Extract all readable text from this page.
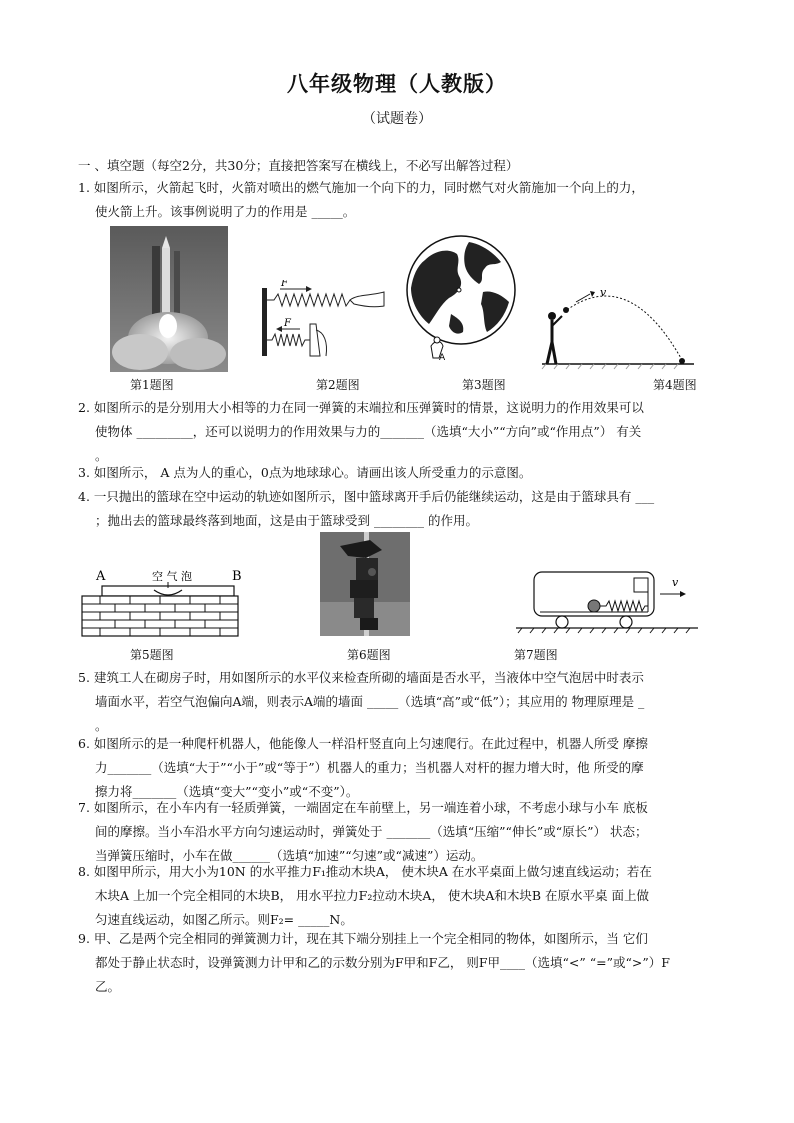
八年级物理（人教版）
（试题卷）
一 、填空题（每空2分，共30分；直接把答案写在横线上，不必写出解答过程）

1. 如图所示，火箭起飞时，火箭对喷出的燃气施加一个向下的力，同时燃气对火箭施加一个向上的力，

使火箭上升。该事例说明了力的作用是 _____。

F
F
A
v
第1题图	第2题图	第3题图	第4题图

2. 如图所示的是分别用大小相等的力在同一弹簧的末端拉和压弹簧时的情景，这说明力的作用效果可以

使物体 _________，还可以说明力的作用效果与力的_______（选填“大小”“方向”或“作用点”） 有关

。

3. 如图所示， A 点为人的重心，0点为地球球心。请画出该人所受重力的示意图。

4. 一只抛出的篮球在空中运动的轨迹如图所示，图中篮球离开手后仍能继续运动，这是由于篮球具有 ___

；抛出去的篮球最终落到地面，这是由于篮球受到 ________ 的作用。

A	B
空 气 泡	v
第5题图	第6题图	第7题图

5. 建筑工人在砌房子时，用如图所示的水平仪来检查所砌的墙面是否水平，当液体中空气泡居中时表示

墙面水平，若空气泡偏向A端，则表示A端的墙面 _____（选填“高”或“低”）；其应用的 物理原理是 _

。

6. 如图所示的是一种爬杆机器人，他能像人一样沿杆竖直向上匀速爬行。在此过程中，机器人所受 摩擦

力_______（选填“大于”“小于”或“等于”）机器人的重力；当机器人对杆的握力增大时，他 所受的摩

擦力将_______（选填“变大”“变小”或“不变”）。

7. 如图所示，在小车内有一轻质弹簧，一端固定在车前壁上，另一端连着小球，不考虑小球与小车 底板

间的摩擦。当小车沿水平方向匀速运动时，弹簧处于 _______（选填“压缩”“伸长”或“原长”） 状态；

当弹簧压缩时，小车在做______（选填“加速”“匀速”或“减速”）运动。

8. 如图甲所示，用大小为10N 的水平推力F₁推动木块A， 使木块A 在水平桌面上做匀速直线运动；若在

木块A 上加一个完全相同的木块B， 用水平拉力F₂拉动木块A， 使木块A和木块B 在原水平桌 面上做

匀速直线运动，如图乙所示。则F₂= _____N。

9. 甲、乙是两个完全相同的弹簧测力计，现在其下端分别挂上一个完全相同的物体，如图所示，当 它们

都处于静止状态时，设弹簧测力计甲和乙的示数分别为F甲和F乙， 则F甲____（选填“<” “=”或“>”）F

乙。
